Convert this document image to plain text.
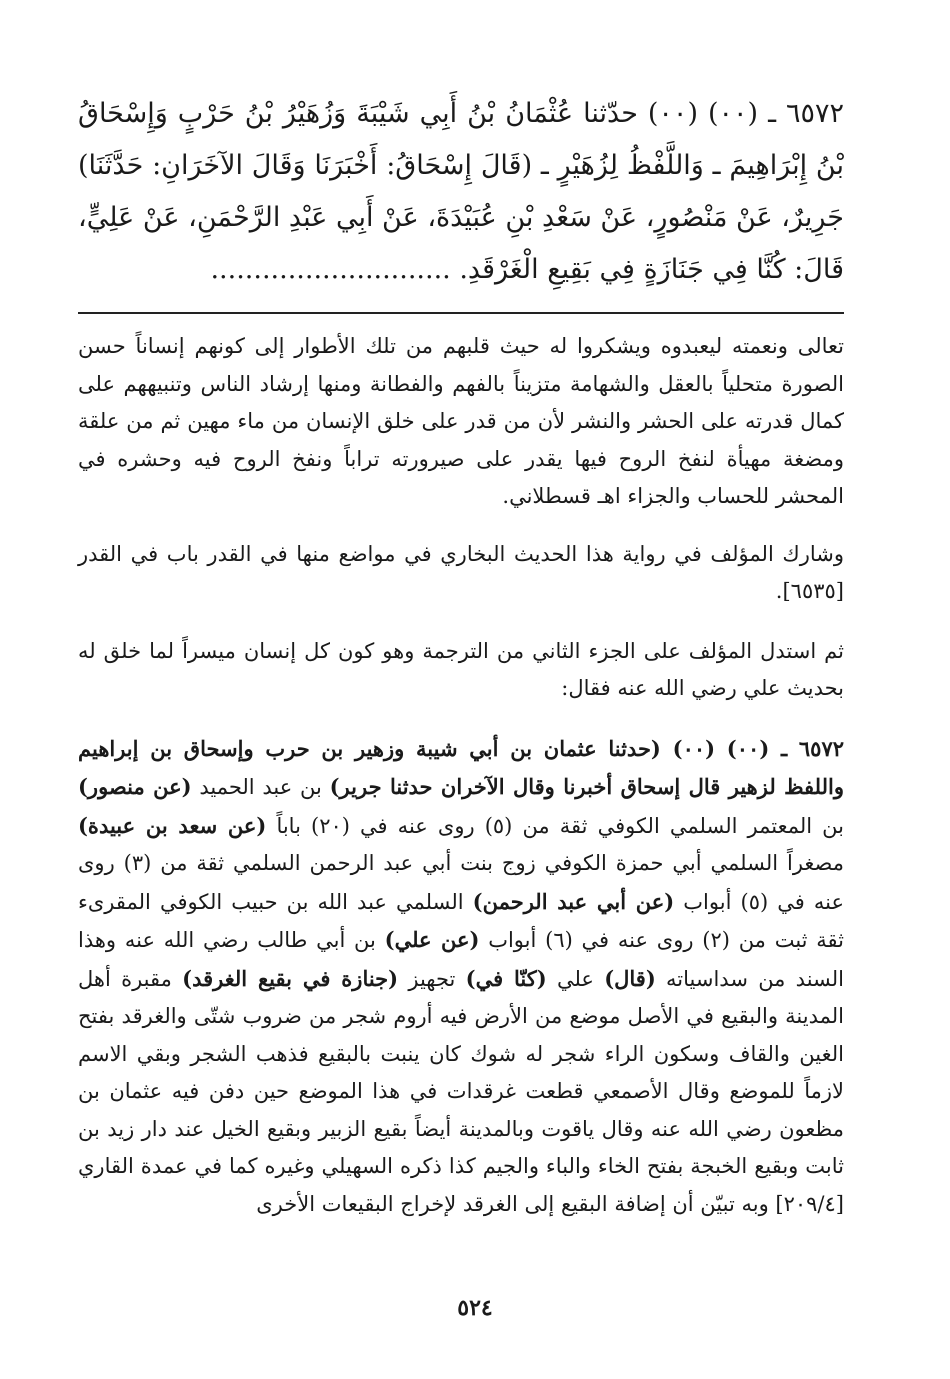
٦٥٧٢ ـ (٠٠) (٠٠) حدّثنا عُثْمَانُ بْنُ أَبِي شَيْبَةَ وَزُهَيْرُ بْنُ حَرْبٍ وَإِسْحَاقُ بْنُ إِبْرَاهِيمَ ـ وَاللَّفْظُ لِزُهَيْرٍ ـ (قَالَ إِسْحَاقُ: أَخْبَرَنَا وَقَالَ الآخَرَانِ: حَدَّثَنَا) جَرِيرٌ، عَنْ مَنْصُورٍ، عَنْ سَعْدِ بْنِ عُبَيْدَةَ، عَنْ أَبِي عَبْدِ الرَّحْمَنِ، عَنْ عَلِيٍّ، قَالَ: كُنَّا فِي جَنَازَةٍ فِي بَقِيعِ الْغَرْقَدِ. ............................

تعالى ونعمته ليعبدوه ويشكروا له حيث قلبهم من تلك الأطوار إلى كونهم إنساناً حسن الصورة متحلياً بالعقل والشهامة متزيناً بالفهم والفطانة ومنها إرشاد الناس وتنبيههم على كمال قدرته على الحشر والنشر لأن من قدر على خلق الإنسان من ماء مهين ثم من علقة ومضغة مهيأة لنفخ الروح فيها يقدر على صيرورته تراباً ونفخ الروح فيه وحشره في المحشر للحساب والجزاء اهـ قسطلاني.

وشارك المؤلف في رواية هذا الحديث البخاري في مواضع منها في القدر باب في القدر [٦٥٣٥].

ثم استدل المؤلف على الجزء الثاني من الترجمة وهو كون كل إنسان ميسراً لما خلق له بحديث علي رضي الله عنه فقال:

٦٥٧٢ ـ (٠٠) (٠٠) (حدثنا عثمان بن أبي شيبة وزهير بن حرب وإسحاق بن إبراهيم واللفظ لزهير قال إسحاق أخبرنا وقال الآخران حدثنا جرير) بن عبد الحميد (عن منصور) بن المعتمر السلمي الكوفي ثقة من (٥) روى عنه في (٢٠) باباً (عن سعد بن عبيدة) مصغراً السلمي أبي حمزة الكوفي زوج بنت أبي عبد الرحمن السلمي ثقة من (٣) روى عنه في (٥) أبواب (عن أبي عبد الرحمن) السلمي عبد الله بن حبيب الكوفي المقرىء ثقة ثبت من (٢) روى عنه في (٦) أبواب (عن علي) بن أبي طالب رضي الله عنه وهذا السند من سداسياته (قال) علي (كنّا في) تجهيز (جنازة في بقيع الغرقد) مقبرة أهل المدينة والبقيع في الأصل موضع من الأرض فيه أروم شجر من ضروب شتّى والغرقد بفتح الغين والقاف وسكون الراء شجر له شوك كان ينبت بالبقيع فذهب الشجر وبقي الاسم لازماً للموضع وقال الأصمعي قطعت غرقدات في هذا الموضع حين دفن فيه عثمان بن مظعون رضي الله عنه وقال ياقوت وبالمدينة أيضاً بقيع الزبير وبقيع الخيل عند دار زيد بن ثابت وبقيع الخبجة بفتح الخاء والباء والجيم كذا ذكره السهيلي وغيره كما في عمدة القاري [٢٠٩/٤] وبه تبيّن أن إضافة البقيع إلى الغرقد لإخراج البقيعات الأخرى

٥٢٤
